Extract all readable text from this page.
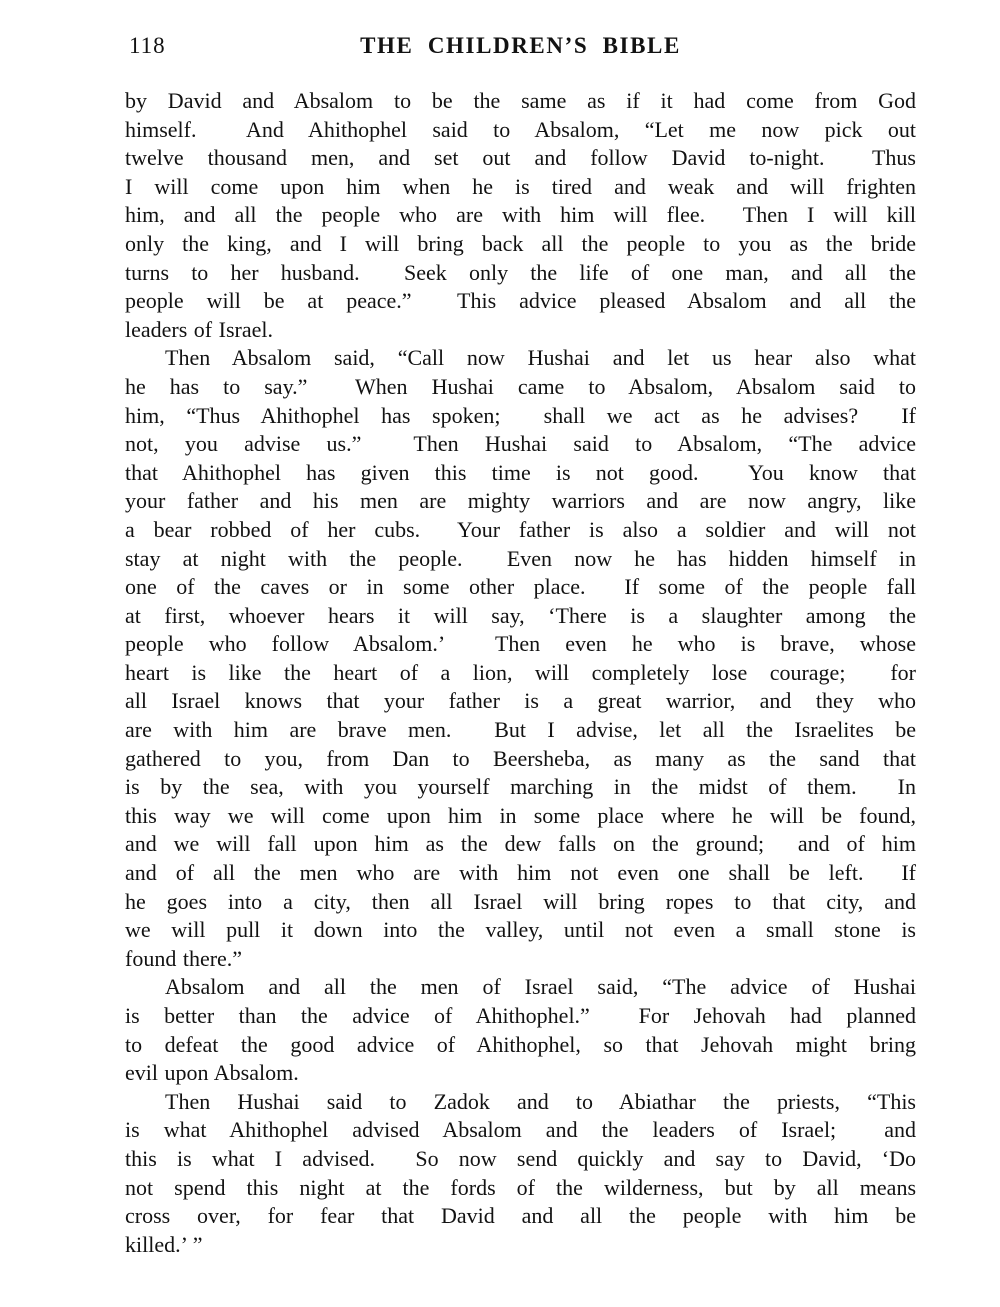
118	THE CHILDREN’S BIBLE
by David and Absalom to be the same as if it had come from God
himself.  And Ahithophel said to Absalom, “Let me now pick out
twelve thousand men, and set out and follow David to-night.  Thus
I will come upon him when he is tired and weak and will frighten
him, and all the people who are with him will flee.  Then I will kill
only the king, and I will bring back all the people to you as the bride
turns to her husband.  Seek only the life of one man, and all the
people will be at peace.”  This advice pleased Absalom and all the
leaders of Israel.
Then Absalom said, “Call now Hushai and let us hear also what
he has to say.”  When Hushai came to Absalom, Absalom said to
him, “Thus Ahithophel has spoken;  shall we act as he advises?  If
not, you advise us.”  Then Hushai said to Absalom, “The advice
that Ahithophel has given this time is not good.  You know that
your father and his men are mighty warriors and are now angry, like
a bear robbed of her cubs.  Your father is also a soldier and will not
stay at night with the people.  Even now he has hidden himself in
one of the caves or in some other place.  If some of the people fall
at first, whoever hears it will say, ‘There is a slaughter among the
people who follow Absalom.’  Then even he who is brave, whose
heart is like the heart of a lion, will completely lose courage;  for
all Israel knows that your father is a great warrior, and they who
are with him are brave men.  But I advise, let all the Israelites be
gathered to you, from Dan to Beersheba, as many as the sand that
is by the sea, with you yourself marching in the midst of them.  In
this way we will come upon him in some place where he will be found,
and we will fall upon him as the dew falls on the ground;  and of him
and of all the men who are with him not even one shall be left.  If
he goes into a city, then all Israel will bring ropes to that city, and
we will pull it down into the valley, until not even a small stone is
found there.”
Absalom and all the men of Israel said, “The advice of Hushai
is better than the advice of Ahithophel.”  For Jehovah had planned
to defeat the good advice of Ahithophel, so that Jehovah might bring
evil upon Absalom.
Then Hushai said to Zadok and to Abiathar the priests, “This
is what Ahithophel advised Absalom and the leaders of Israel;  and
this is what I advised.  So now send quickly and say to David, ‘Do
not spend this night at the fords of the wilderness, but by all means
cross over, for fear that David and all the people with him be
killed.’ ”
